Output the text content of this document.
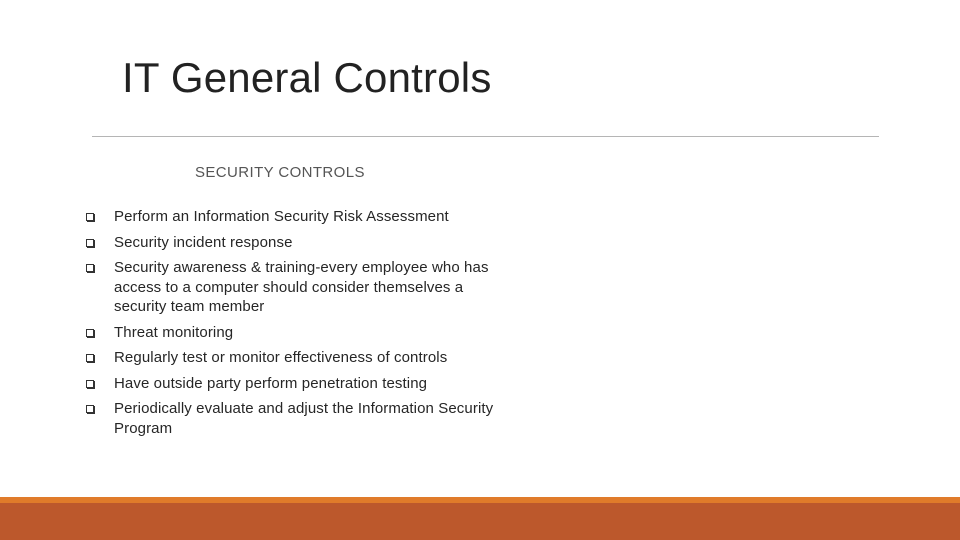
IT General Controls
SECURITY CONTROLS
Perform an Information Security Risk Assessment
Security incident response
Security awareness & training-every employee who has access to a computer should consider themselves a security team member
Threat monitoring
Regularly test or monitor effectiveness of controls
Have outside party perform penetration testing
Periodically evaluate and adjust the Information Security Program
